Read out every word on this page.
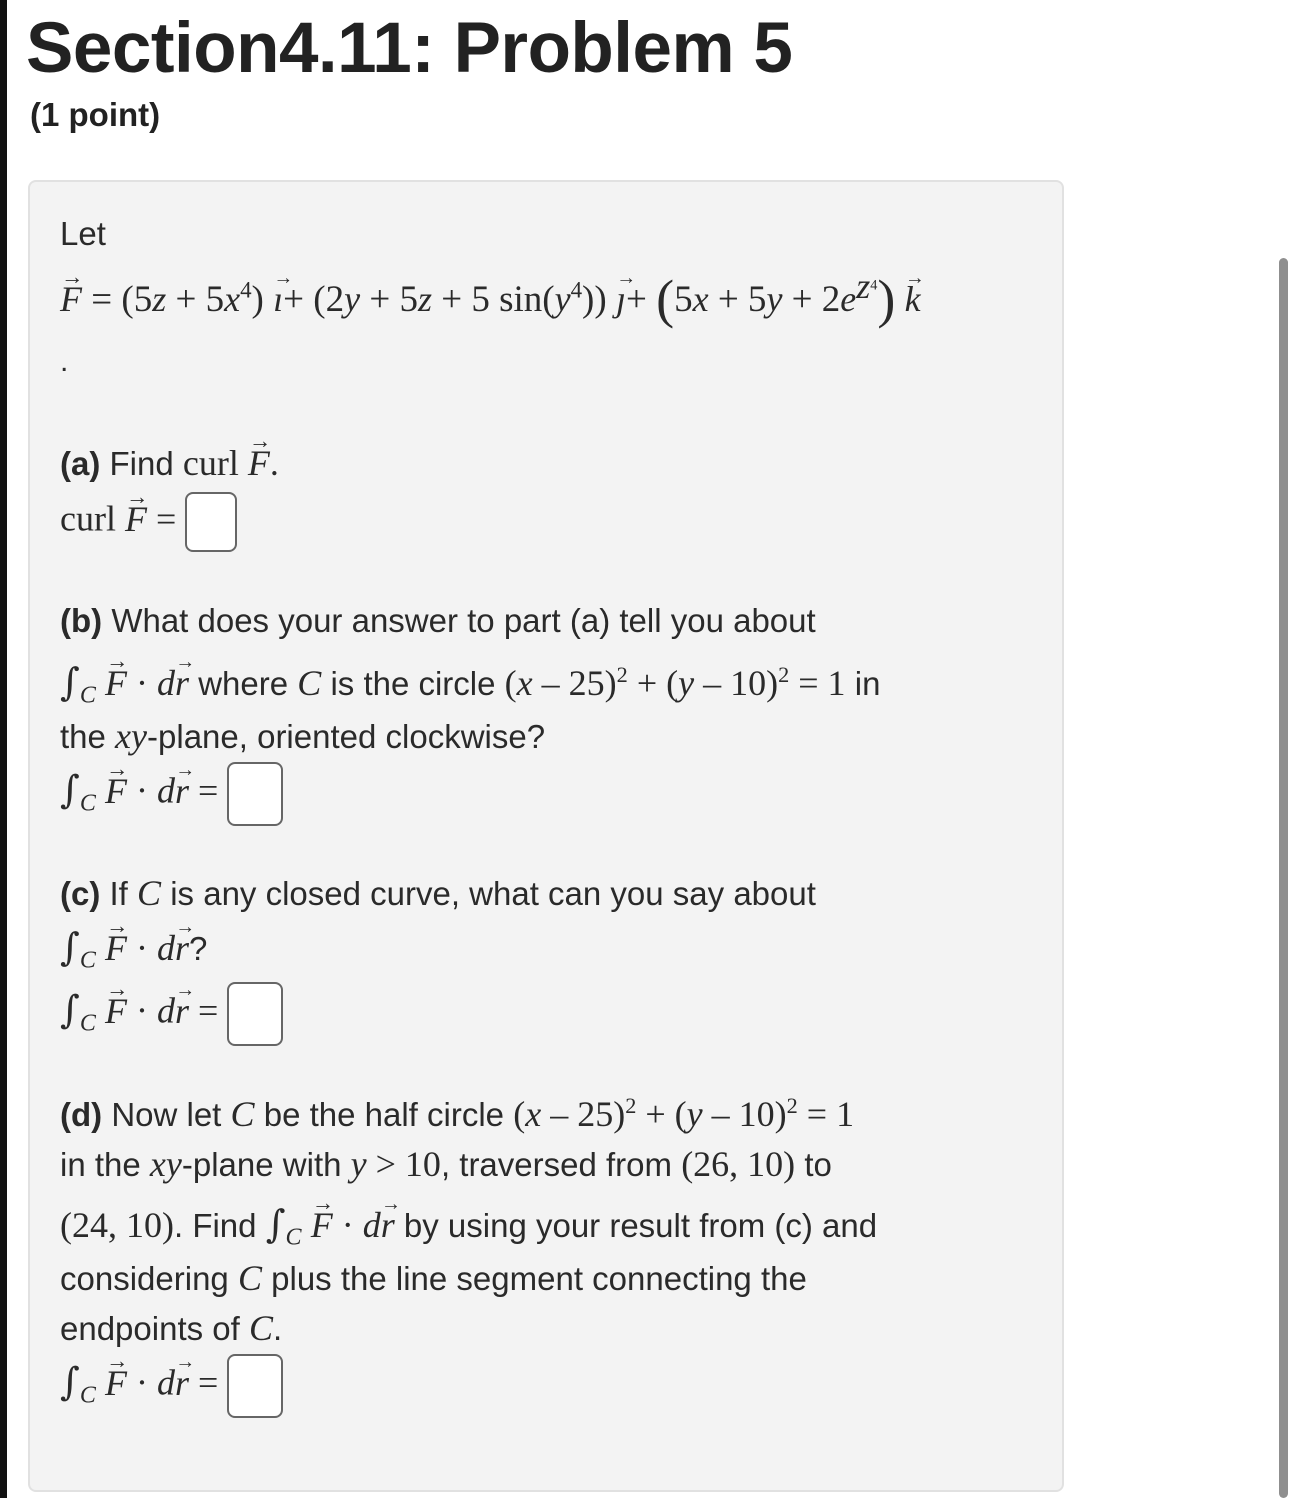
Section4.11: Problem 5
(1 point)
Let
→ $F = (5z + 5x^4)$ → ı+ (2y + 5z + 5 $\sin(y^4)$) → ȷ+ $(5x + 5y + 2e^{z^4}) \to k$
.
(a) Find curl → F.
curl → F =
(b) What does your answer to part (a) tell you about
$\int_C \to F \cdot d\to r$ where C is the circle (x – 25)$^2$ + (y – 10)$^2$ = 1 in
the xy-plane, oriented clockwise?
$\int_C \to F \cdot d\to r$ =
(c) If C is any closed curve, what can you say about
$\int_C \to F \cdot d\to r$?
$\int_C \to F \cdot d\to r$ =
(d) Now let C be the half circle (x – 25)$^2$ + (y – 10)$^2$ = 1
in the xy-plane with y > 10, traversed from (26, 10) to
(24, 10). Find $\int_C \to F \cdot d\to r$ by using your result from (c) and
considering C plus the line segment connecting the
endpoints of C.
$\int_C \to F \cdot d\to r$ =
